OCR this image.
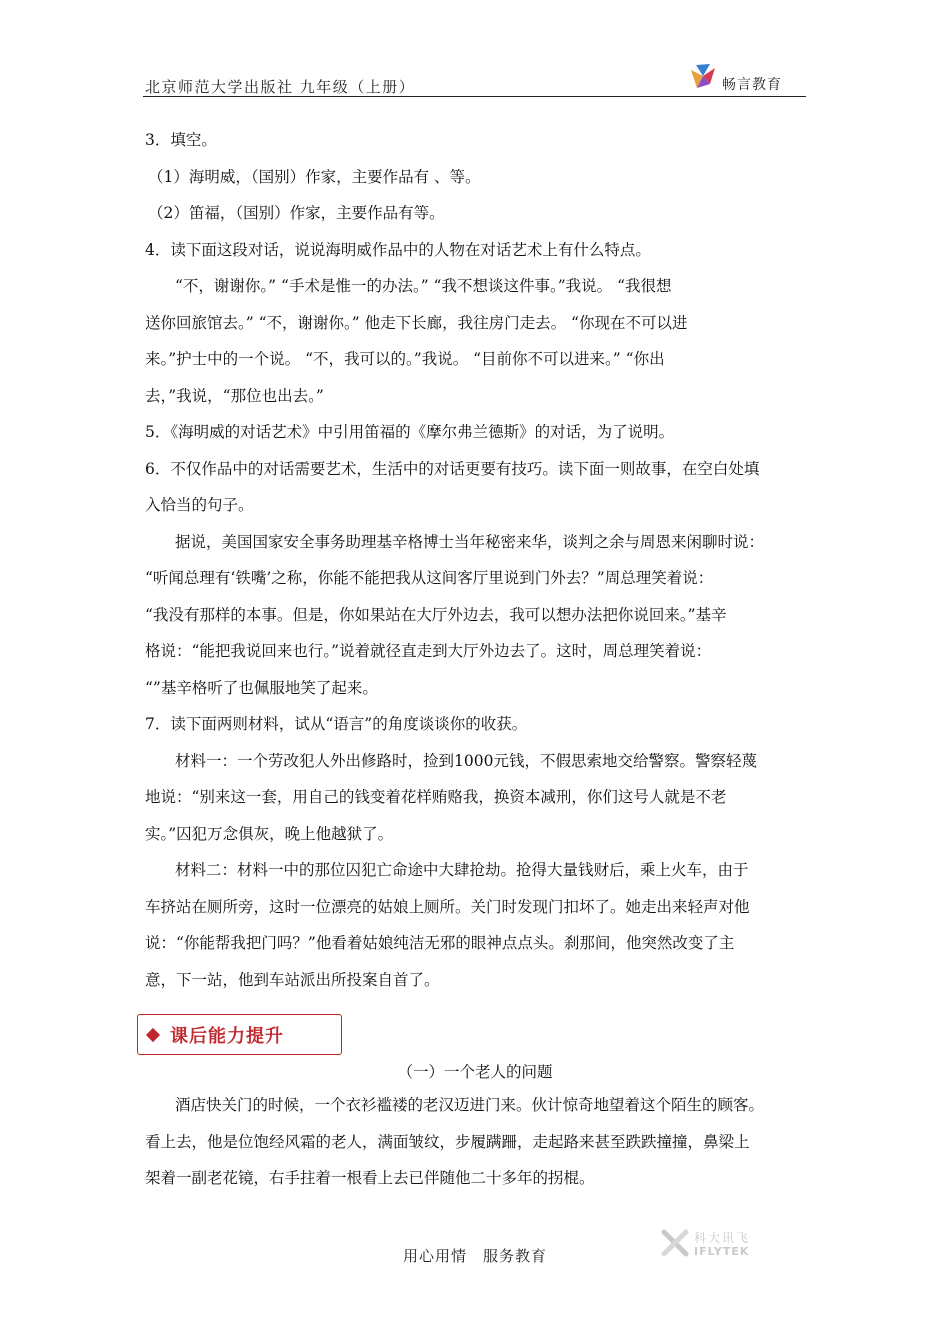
北京师范大学出版社 九年级（上册）	畅言教育
3．填空。
（1）海明威，（国别）作家，主要作品有 、等。
（2）笛福，（国别）作家，主要作品有等。
4．读下面这段对话，说说海明威作品中的人物在对话艺术上有什么特点。
“不，谢谢你。” “手术是惟一的办法。” “我不想谈这件事。”我说。 “我很想
送你回旅馆去。” “不，谢谢你。” 他走下长廊，我往房门走去。 “你现在不可以进
来。”护士中的一个说。 “不，我可以的。”我说。 “目前你不可以进来。” “你出
去，”我说，“那位也出去。”
5．《海明威的对话艺术》中引用笛福的《摩尔弗兰德斯》的对话，为了说明。
6．不仅作品中的对话需要艺术，生活中的对话更要有技巧。读下面一则故事，在空白处填
入恰当的句子。
据说，美国国家安全事务助理基辛格博士当年秘密来华，谈判之余与周恩来闲聊时说：
“听闻总理有‘铁嘴’之称，你能不能把我从这间客厅里说到门外去？”周总理笑着说：
“我没有那样的本事。但是，你如果站在大厅外边去，我可以想办法把你说回来。”基辛
格说：“能把我说回来也行。”说着就径直走到大厅外边去了。这时，周总理笑着说：
“”基辛格听了也佩服地笑了起来。
7．读下面两则材料，试从“语言”的角度谈谈你的收获。
材料一：一个劳改犯人外出修路时，捡到1000元钱，不假思索地交给警察。警察轻蔑
地说：“别来这一套，用自己的钱变着花样贿赂我，换资本减刑，你们这号人就是不老
实。”囚犯万念俱灰，晚上他越狱了。
材料二：材料一中的那位囚犯亡命途中大肆抢劫。抢得大量钱财后，乘上火车，由于
车挤站在厕所旁，这时一位漂亮的姑娘上厕所。关门时发现门扣坏了。她走出来轻声对他
说：“你能帮我把门吗？”他看着姑娘纯洁无邪的眼神点点头。刹那间，他突然改变了主
意，下一站，他到车站派出所投案自首了。
课后能力提升
（一）一个老人的问题
酒店快关门的时候，一个衣衫褴褛的老汉迈进门来。伙计惊奇地望着这个陌生的顾客。
看上去，他是位饱经风霜的老人，满面皱纹，步履蹒跚，走起路来甚至跌跌撞撞，鼻梁上
架着一副老花镜，右手拄着一根看上去已伴随他二十多年的拐棍。
科大讯飞
IFLYTEK
用心用情　服务教育
